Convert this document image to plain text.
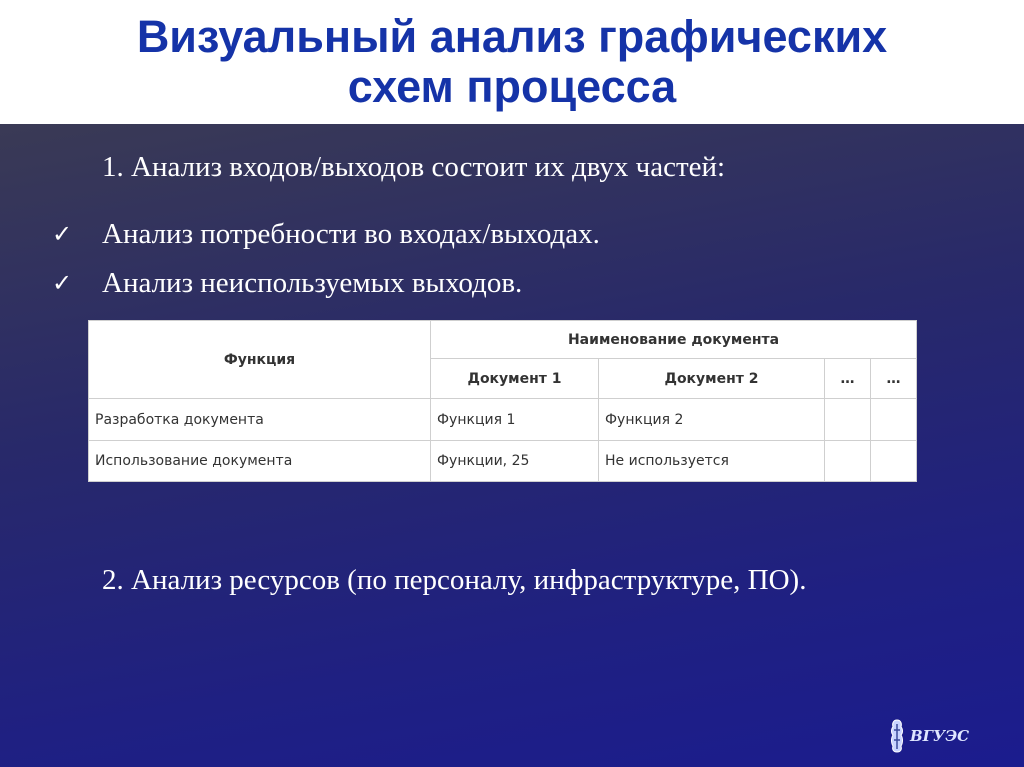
Визуальный анализ графических
схем процесса
1. Анализ входов/выходов состоит их двух частей:
✓ Анализ потребности во входах/выходах.
✓ Анализ неиспользуемых выходов.
Функция	Наименование документа			
	Документ 1	Документ 2	…	…
Разработка документа	Функция 1	Функция 2		
Использование документа	Функции, 25	Не используется		
2. Анализ ресурсов (по персоналу, инфраструктуре, ПО).
ВГУЭС
